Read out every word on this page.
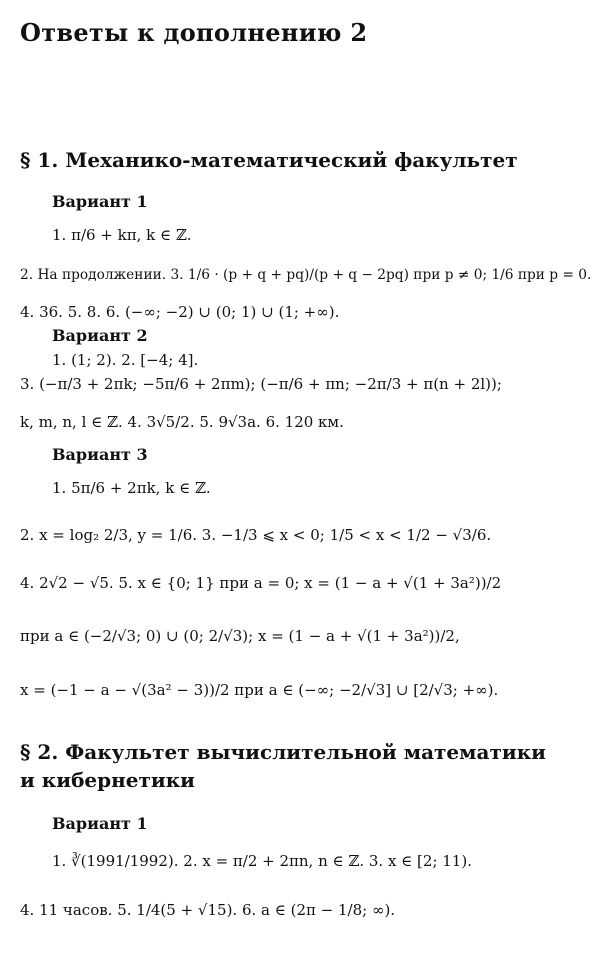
Ответы к дополнению 2
§ 1. Механико-математический факультет
Вариант 1
1. π/6 + kπ, k ∈ ℤ.
2. На продолжении. 3. 1/6 · (p + q + pq)/(p + q − 2pq) при p ≠ 0; 1/6 при p = 0.
4. 36. 5. 8. 6. (−∞; −2) ∪ (0; 1) ∪ (1; +∞).
Вариант 2
1. (1; 2). 2. [−4; 4].
3. (−π/3 + 2πk; −5π/6 + 2πm); (−π/6 + πn; −2π/3 + π(n + 2l));
k, m, n, l ∈ ℤ. 4. 3√5/2. 5. 9√3a. 6. 120 км.
Вариант 3
1. 5π/6 + 2πk, k ∈ ℤ.
2. x = log₂ 2/3, y = 1/6. 3. −1/3 ⩽ x < 0; 1/5 < x < 1/2 − √3/6.
4. 2√2 − √5. 5. x ∈ {0; 1} при a = 0; x = (1 − a + √(1 + 3a²))/2
при a ∈ (−2/√3; 0) ∪ (0; 2/√3); x = (1 − a + √(1 + 3a²))/2,
x = (−1 − a − √(3a² − 3))/2 при a ∈ (−∞; −2/√3] ∪ [2/√3; +∞).
§ 2. Факультет вычислительной математики
и кибернетики
Вариант 1
1. ∛(1991/1992). 2. x = π/2 + 2πn, n ∈ ℤ. 3. x ∈ [2; 11).
4. 11 часов. 5. 1/4(5 + √15). 6. a ∈ (2π − 1/8; ∞).
